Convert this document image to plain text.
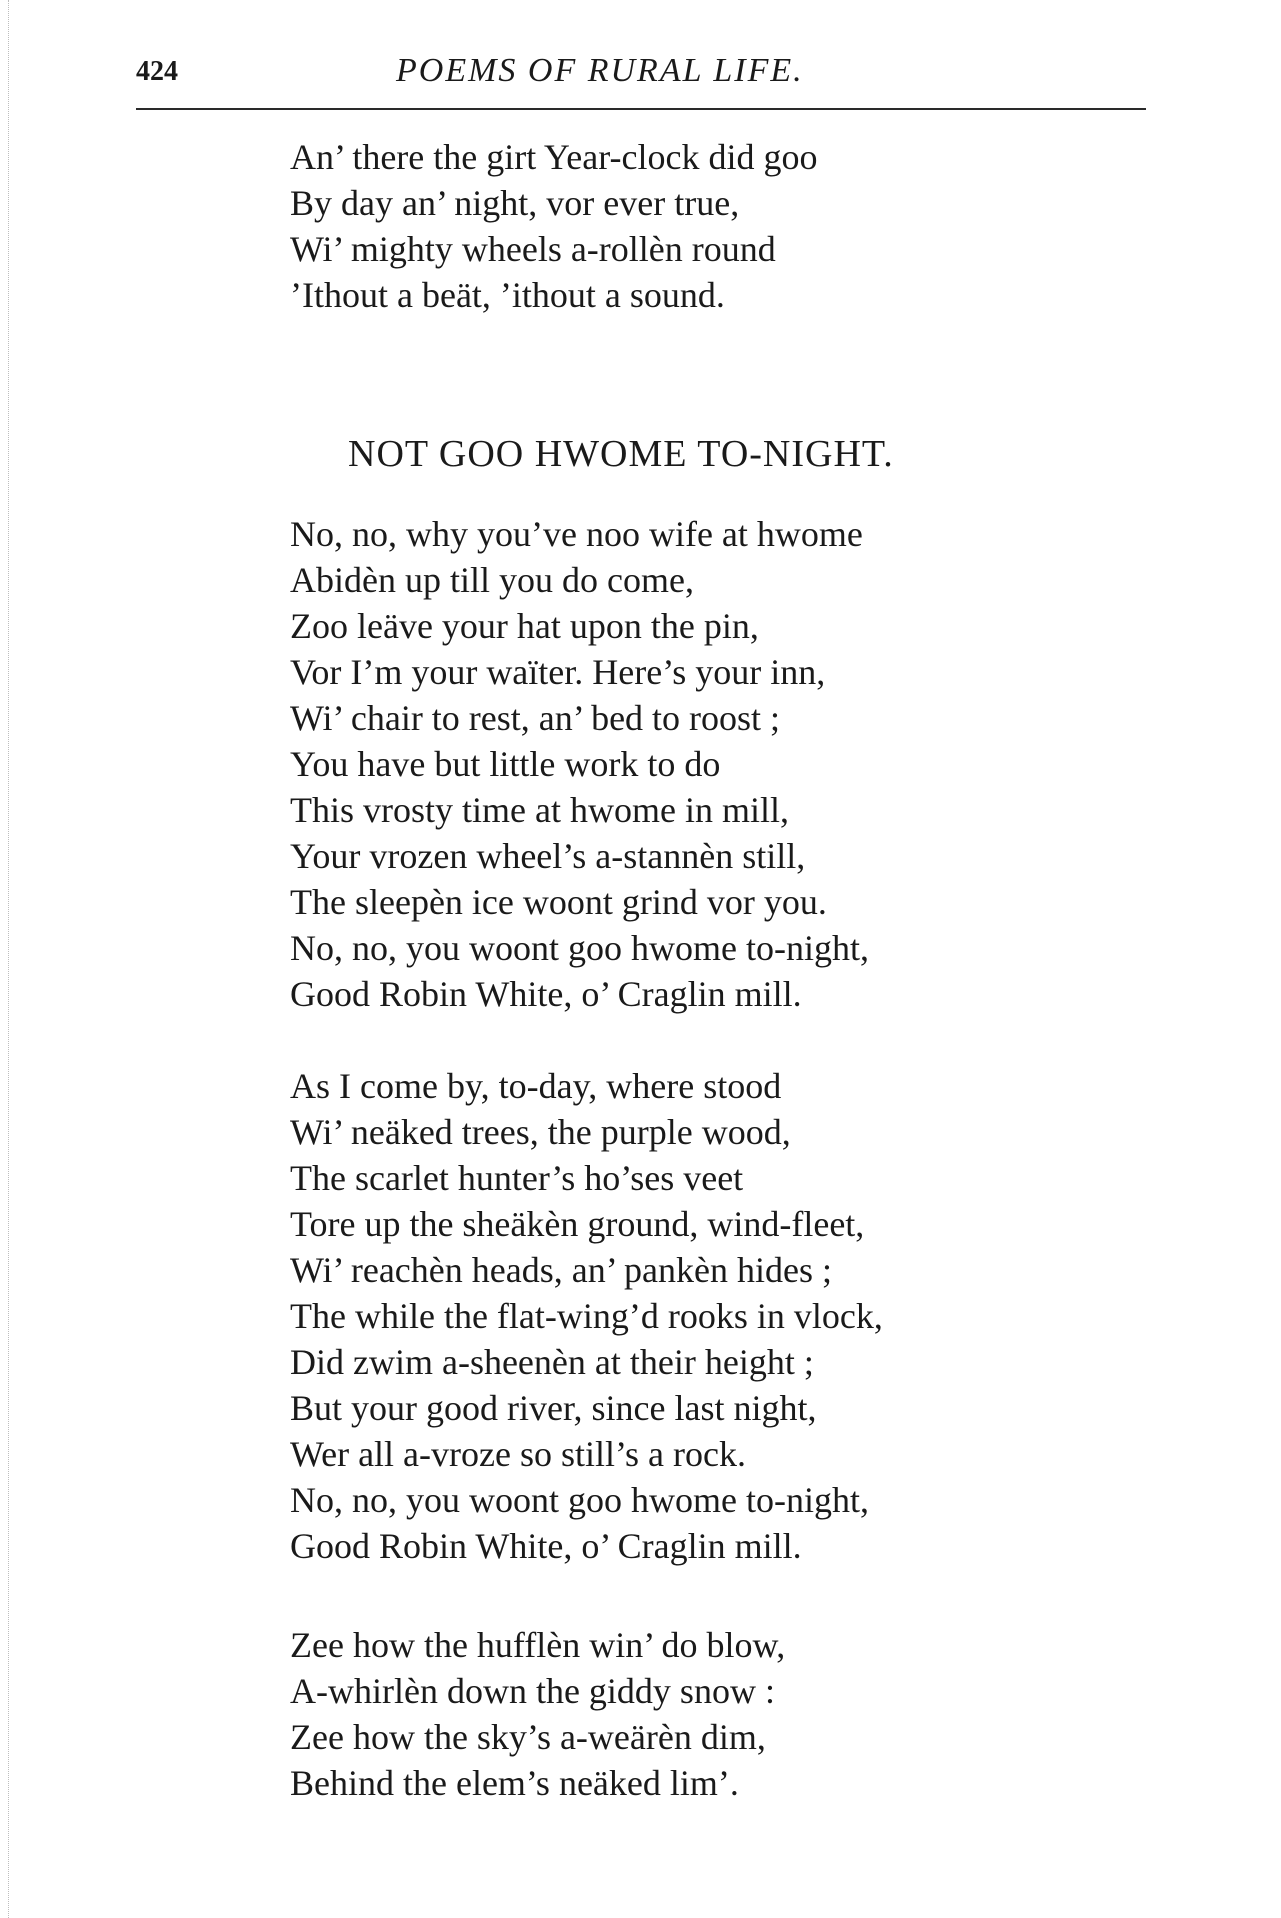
424	POEMS OF RURAL LIFE.
An’ there the girt Year-clock did goo
By day an’ night, vor ever true,
Wi’ mighty wheels a-rollèn round
’Ithout a beät, ’ithout a sound.
NOT GOO HWOME TO-NIGHT.
No, no, why you’ve noo wife at hwome
Abidèn up till you do come,
Zoo leäve your hat upon the pin,
Vor I’m your waïter. Here’s your inn,
Wi’ chair to rest, an’ bed to roost ;
You have but little work to do
This vrosty time at hwome in mill,
Your vrozen wheel’s a-stannèn still,
The sleepèn ice woont grind vor you.
No, no, you woont goo hwome to-night,
Good Robin White, o’ Craglin mill.
As I come by, to-day, where stood
Wi’ neäked trees, the purple wood,
The scarlet hunter’s ho’ses veet
Tore up the sheäkèn ground, wind-fleet,
Wi’ reachèn heads, an’ pankèn hides ;
The while the flat-wing’d rooks in vlock,
Did zwim a-sheenèn at their height ;
But your good river, since last night,
Wer all a-vroze so still’s a rock.
No, no, you woont goo hwome to-night,
Good Robin White, o’ Craglin mill.
Zee how the hufflèn win’ do blow,
A-whirlèn down the giddy snow :
Zee how the sky’s a-weärèn dim,
Behind the elem’s neäked lim’.
